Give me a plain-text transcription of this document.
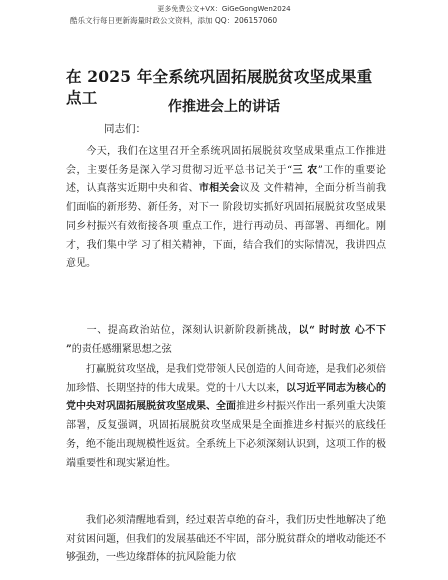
更多免费公文+VX：GiGeGongWen2024
酷乐文行每日更新海量时政公文资料，添加 QQ：206157060
在 2025 年全系统巩固拓展脱贫攻坚成果重点工	作推进会上的讲话
同志们：
今天，我们在这里召开全系统巩固拓展脱贫攻坚成果重点工作推进会，主要任务是深入学习贯彻习近平总书记关于“三 农”工作的重要论述，认真落实近期中央和省、市相关会议及 文件精神，全面分析当前我们面临的新形势、新任务，对下一 阶段切实抓好巩固拓展脱贫攻坚成果同乡村振兴有效衔接各项 重点工作，进行再动员、再部署、再细化。刚才，我们集中学 习了相关精神，下面，结合我们的实际情况，我讲四点意见。
一、提高政治站位，深刻认识新阶段新挑战，以“ 时时放 心不下 ”的责任感绷紧思想之弦
打赢脱贫攻坚战，是我们党带领人民创造的人间奇迹，是我们必须倍加珍惜、长期坚持的伟大成果。党的十八大以来，以习近平同志为核心的党中央对巩固拓展脱贫攻坚成果、全面推进乡村振兴作出一系列重大决策部署，反复强调，巩固拓展脱贫攻坚成果是全面推进乡村振兴的底线任务，绝不能出现规模性返贫。全系统上下必须深刻认识到，这项工作的极端重要性和现实紧迫性。
我们必须清醒地看到，经过艰苦卓绝的奋斗，我们历史性地解决了绝对贫困问题，但我们的发展基础还不牢固，部分脱贫群众的增收动能还不够强劲，一些边缘群体的抗风险能力依
